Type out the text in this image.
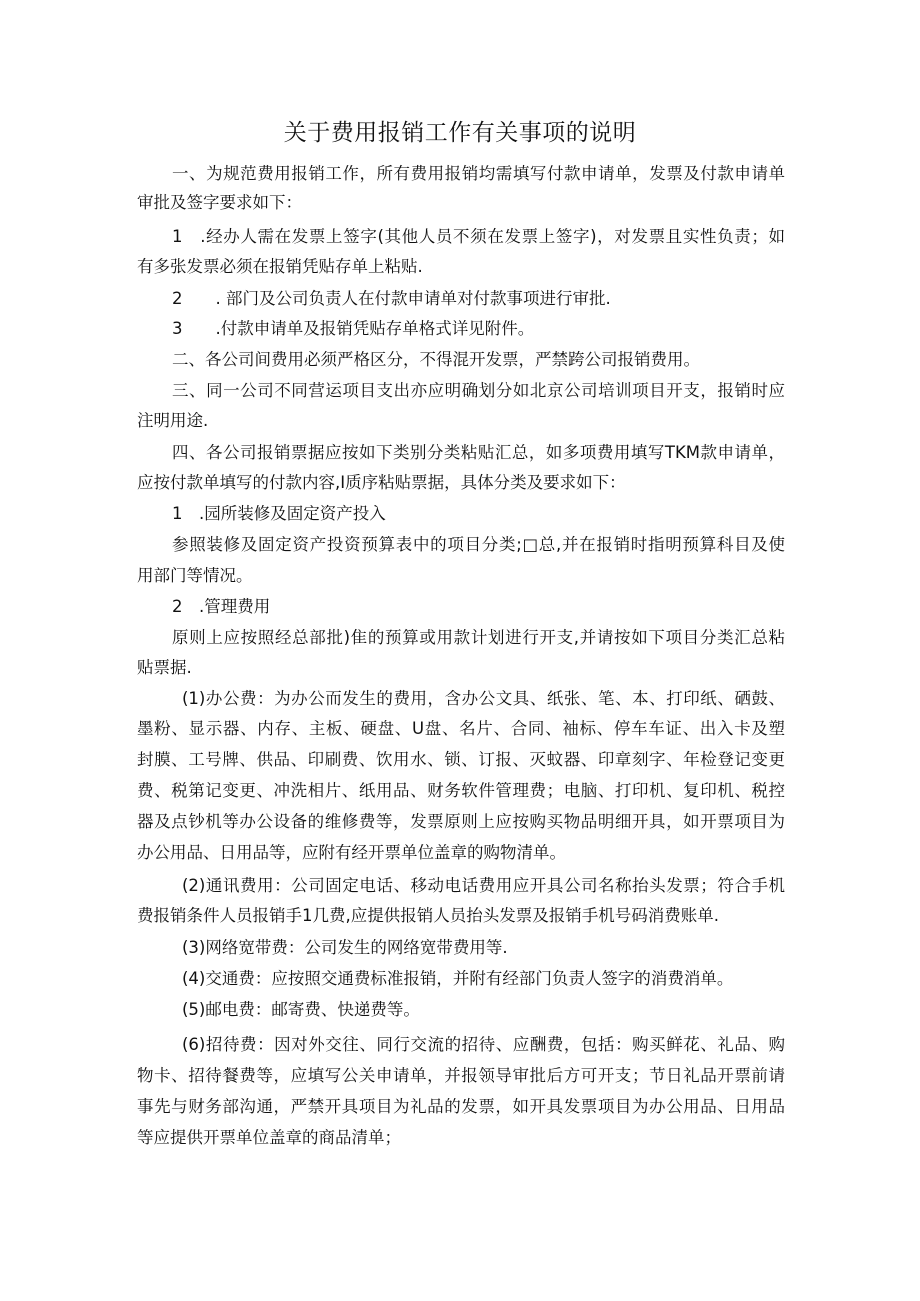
关于费用报销工作有关事项的说明

一、为规范费用报销工作，所有费用报销均需填写付款申请单，发票及付款申请单

审批及签字要求如下：

1　.经办人需在发票上签字(其他人员不须在发票上签字)，对发票且实性负责；如

有多张发票必须在报销凭贴存单上粘贴.

2　　. 部门及公司负责人在付款申请单对付款事项进行审批.

3　　.付款申请单及报销凭贴存单格式详见附件。

二、各公司间费用必须严格区分，不得混开发票，严禁跨公司报销费用。

三、同一公司不同营运项目支出亦应明确划分如北京公司培训项目开支，报销时应

注明用途.

四、各公司报销票据应按如下类别分类粘贴汇总，如多项费用填写TKM款申请单，

应按付款单填写的付款内容,I质序粘贴票据，具体分类及要求如下：

1　.园所装修及固定资产投入

参照装修及固定资产投资预算表中的项目分类;□总,并在报销时指明预算科目及使

用部门等情况。

2　.管理费用

原则上应按照经总部批)隹的预算或用款计划进行开支,并请按如下项目分类汇总粘

贴票据.

(1)办公费：为办公而发生的费用，含办公文具、纸张、笔、本、打印纸、硒鼓、

墨粉、显示器、内存、主板、硬盘、U盘、名片、合同、袖标、停车车证、出入卡及塑

封膜、工号牌、供品、印刷费、饮用水、锁、订报、灭蚊器、印章刻字、年检登记变更

费、税第记变更、冲洗相片、纸用品、财务软件管理费；电脑、打印机、复印机、税控

器及点钞机等办公设备的维修费等，发票原则上应按购买物品明细开具，如开票项目为

办公用品、日用品等，应附有经开票单位盖章的购物清单。

(2)通讯费用：公司固定电话、移动电话费用应开具公司名称抬头发票；符合手机

费报销条件人员报销手1几费,应提供报销人员抬头发票及报销手机号码消费账单.

(3)网络宽带费：公司发生的网络宽带费用等.

(4)交通费：应按照交通费标准报销，并附有经部门负责人签字的消费消单。

(5)邮电费：邮寄费、快递费等。

(6)招待费：因对外交往、同行交流的招待、应酬费，包括：购买鲜花、礼品、购

物卡、招待餐费等，应填写公关申请单，并报领导审批后方可开支；节日礼品开票前请

事先与财务部沟通，严禁开具项目为礼品的发票，如开具发票项目为办公用品、日用品

等应提供开票单位盖章的商品清单；
